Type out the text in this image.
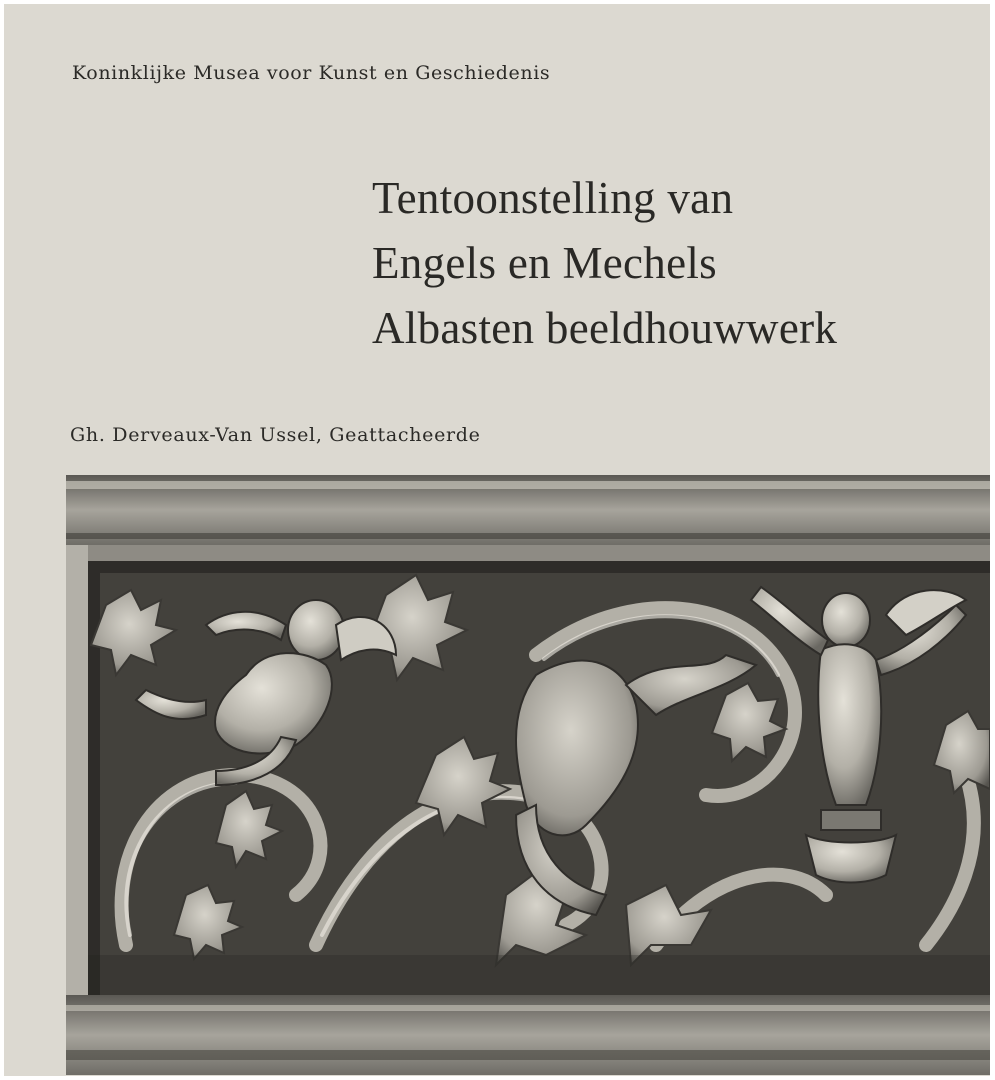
Koninklijke Musea voor Kunst en Geschiedenis
Tentoonstelling van
Engels en Mechels
Albasten beeldhouwwerk
Gh. Derveaux-Van Ussel, Geattacheerde
